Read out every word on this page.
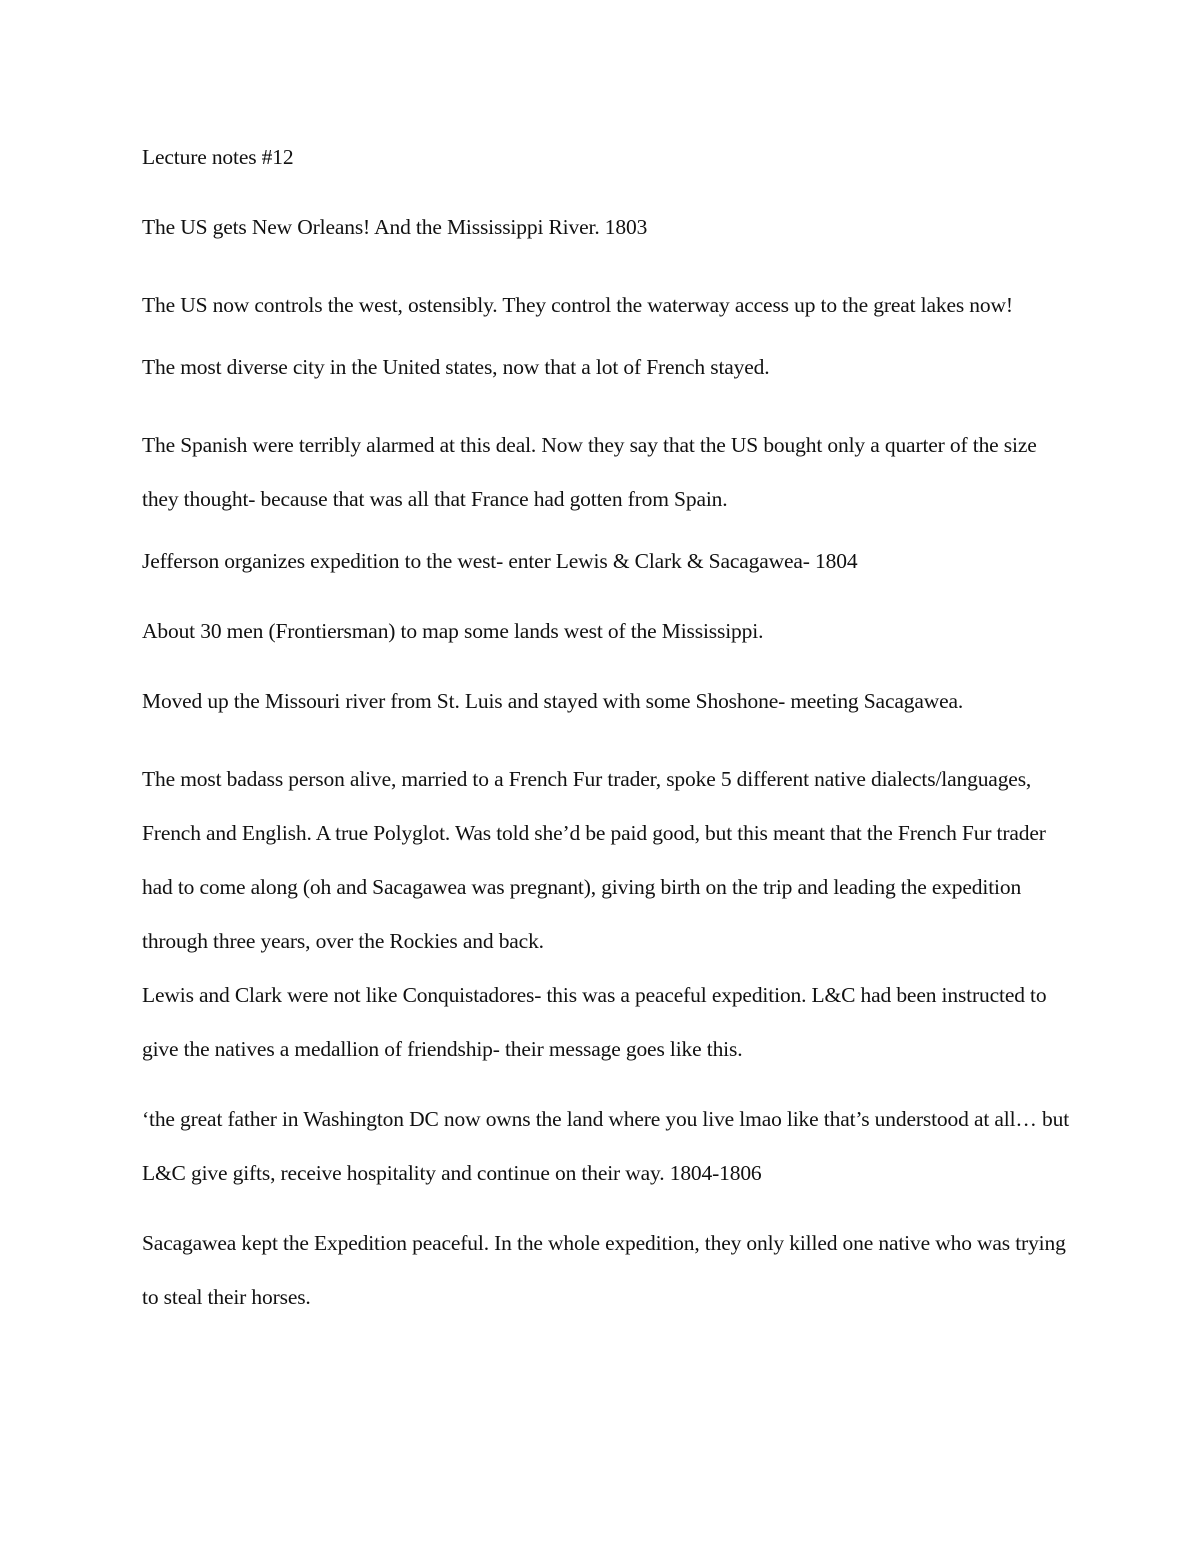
Lecture notes #12

The US gets New Orleans! And the Mississippi River. 1803

The US now controls the west, ostensibly. They control the waterway access up to the great lakes now!

The most diverse city in the United states, now that a lot of French stayed.

The Spanish were terribly alarmed at this deal. Now they say that the US bought only a quarter of the size they thought- because that was all that France had gotten from Spain.

Jefferson organizes expedition to the west- enter Lewis & Clark & Sacagawea- 1804

About 30 men (Frontiersman) to map some lands west of the Mississippi.

Moved up the Missouri river from St. Luis and stayed with some Shoshone- meeting Sacagawea.

The most badass person alive, married to a French Fur trader, spoke 5 different native dialects/languages, French and English. A true Polyglot. Was told she’d be paid good, but this meant that the French Fur trader had to come along (oh and Sacagawea was pregnant), giving birth on the trip and leading the expedition through three years, over the Rockies and back.

Lewis and Clark were not like Conquistadores- this was a peaceful expedition. L&C had been instructed to give the natives a medallion of friendship- their message goes like this.

‘the great father in Washington DC now owns the land where you live lmao like that’s understood at all… but L&C give gifts, receive hospitality and continue on their way. 1804-1806

Sacagawea kept the Expedition peaceful. In the whole expedition, they only killed one native who was trying to steal their horses.
